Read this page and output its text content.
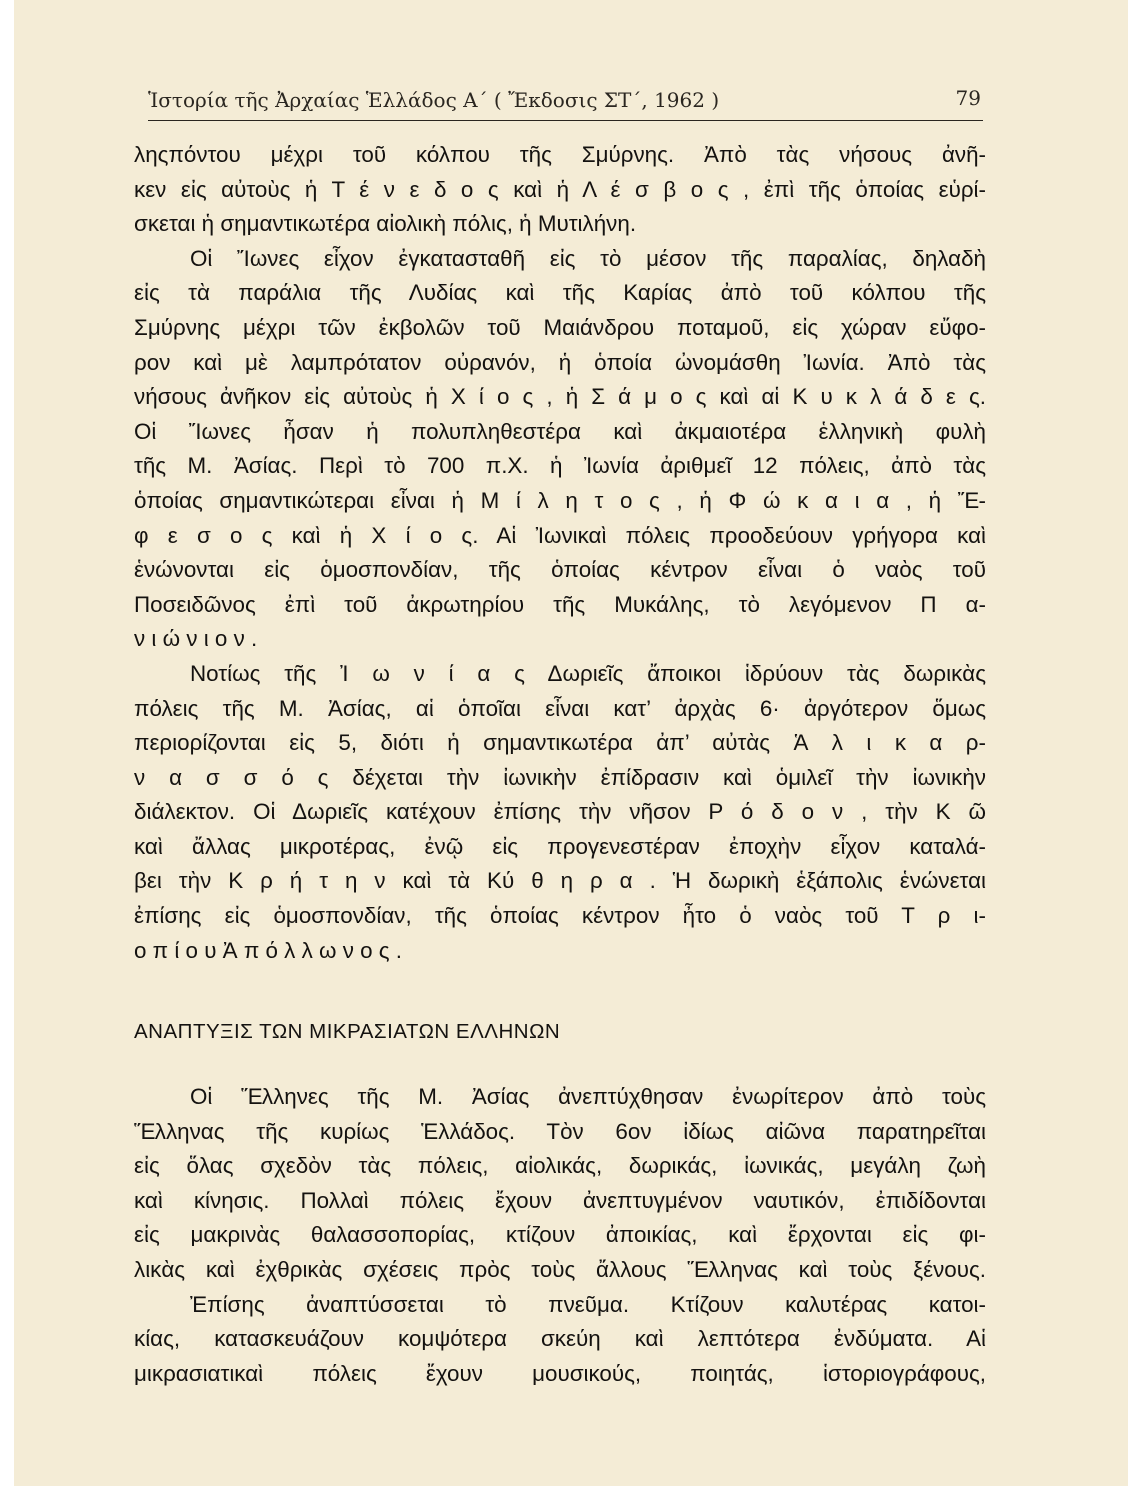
Ἱστορία τῆς Ἀρχαίας Ἑλλάδος Α΄ ( Ἔκδοσις ΣΤ΄, 1962 )	79
ληςπόντου μέχρι τοῦ κόλπου τῆς Σμύρνης. Ἀπὸ τὰς νήσους ἀνῆ-
κεν εἰς αὐτοὺς ἡ Τ έ ν ε δ ο ς καὶ ἡ Λ έ σ β ο ς , ἐπὶ τῆς ὁποίας εὑρί-
σκεται ἡ σημαντικωτέρα αἰολικὴ πόλις, ἡ Μυτιλήνη.
Οἱ Ἴωνες εἶχον ἐγκατασταθῆ εἰς τὸ μέσον τῆς παραλίας, δηλαδὴ
εἰς τὰ παράλια τῆς Λυδίας καὶ τῆς Καρίας ἀπὸ τοῦ κόλπου τῆς
Σμύρνης μέχρι τῶν ἐκβολῶν τοῦ Μαιάνδρου ποταμοῦ, εἰς χώραν εὔφο-
ρον καὶ μὲ λαμπρότατον οὐρανόν, ἡ ὁποία ὠνομάσθη Ἰωνία. Ἀπὸ τὰς
νήσους ἀνῆκον εἰς αὐτοὺς ἡ Χ ί ο ς , ἡ Σ ά μ ο ς καὶ αἱ Κ υ κ λ ά δ ε ς.
Οἱ Ἴωνες ἦσαν ἡ πολυπληθεστέρα καὶ ἀκμαιοτέρα ἑλληνικὴ φυλὴ
τῆς Μ. Ἀσίας. Περὶ τὸ 700 π.Χ. ἡ Ἰωνία ἀριθμεῖ 12 πόλεις, ἀπὸ τὰς
ὁποίας σημαντικώτεραι εἶναι ἡ Μ ί λ η τ ο ς , ἡ Φ ώ κ α ι α , ἡ Ἔ-
φ ε σ ο ς καὶ ἡ Χ ί ο ς. Αἱ Ἰωνικαὶ πόλεις προοδεύουν γρήγορα καὶ
ἑνώνονται εἰς ὁμοσπονδίαν, τῆς ὁποίας κέντρον εἶναι ὁ ναὸς τοῦ
Ποσειδῶνος ἐπὶ τοῦ ἀκρωτηρίου τῆς Μυκάλης, τὸ λεγόμενον Π α-
ν ι ώ ν ι ο ν .
Νοτίως τῆς Ἰ ω ν ί α ς Δωριεῖς ἄποικοι ἱδρύουν τὰς δωρικὰς
πόλεις τῆς Μ. Ἀσίας, αἱ ὁποῖαι εἶναι κατ’ ἀρχὰς 6· ἀργότερον ὅμως
περιορίζονται εἰς 5, διότι ἡ σημαντικωτέρα ἀπ’ αὐτὰς Ἁ λ ι κ α ρ-
ν α σ σ ό ς δέχεται τὴν ἰωνικὴν ἐπίδρασιν καὶ ὁμιλεῖ τὴν ἰωνικὴν
διάλεκτον. Οἱ Δωριεῖς κατέχουν ἐπίσης τὴν νῆσον Ρ ό δ ο ν , τὴν Κ ῶ
καὶ ἄλλας μικροτέρας, ἐνῷ εἰς προγενεστέραν ἐποχὴν εἶχον καταλά-
βει τὴν Κ ρ ή τ η ν καὶ τὰ Κύ θ η ρ α . Ἡ δωρικὴ ἑξάπολις ἑνώνεται
ἐπίσης εἰς ὁμοσπονδίαν, τῆς ὁποίας κέντρον ἦτο ὁ ναὸς τοῦ Τ ρ ι-
ο π ί ο υ Ἀ π ό λ λ ω ν ο ς .
ΑΝΑΠΤΥΞΙΣ ΤΩΝ ΜΙΚΡΑΣΙΑΤΩΝ ΕΛΛΗΝΩΝ
Οἱ Ἕλληνες τῆς Μ. Ἀσίας ἀνεπτύχθησαν ἐνωρίτερον ἀπὸ τοὺς
Ἕλληνας τῆς κυρίως Ἑλλάδος. Τὸν 6ον ἰδίως αἰῶνα παρατηρεῖται
εἰς ὅλας σχεδὸν τὰς πόλεις, αἰολικάς, δωρικάς, ἰωνικάς, μεγάλη ζωὴ
καὶ κίνησις. Πολλαὶ πόλεις ἔχουν ἀνεπτυγμένον ναυτικόν, ἐπιδίδονται
εἰς μακρινὰς θαλασσοπορίας, κτίζουν ἀποικίας, καὶ ἔρχονται εἰς φι-
λικὰς καὶ ἐχθρικὰς σχέσεις πρὸς τοὺς ἄλλους Ἕλληνας καὶ τοὺς ξένους.
Ἐπίσης ἀναπτύσσεται τὸ πνεῦμα. Κτίζουν καλυτέρας κατοι-
κίας, κατασκευάζουν κομψότερα σκεύη καὶ λεπτότερα ἐνδύματα. Αἱ
μικρασιατικαὶ πόλεις ἔχουν μουσικούς, ποιητάς, ἱστοριογράφους,
